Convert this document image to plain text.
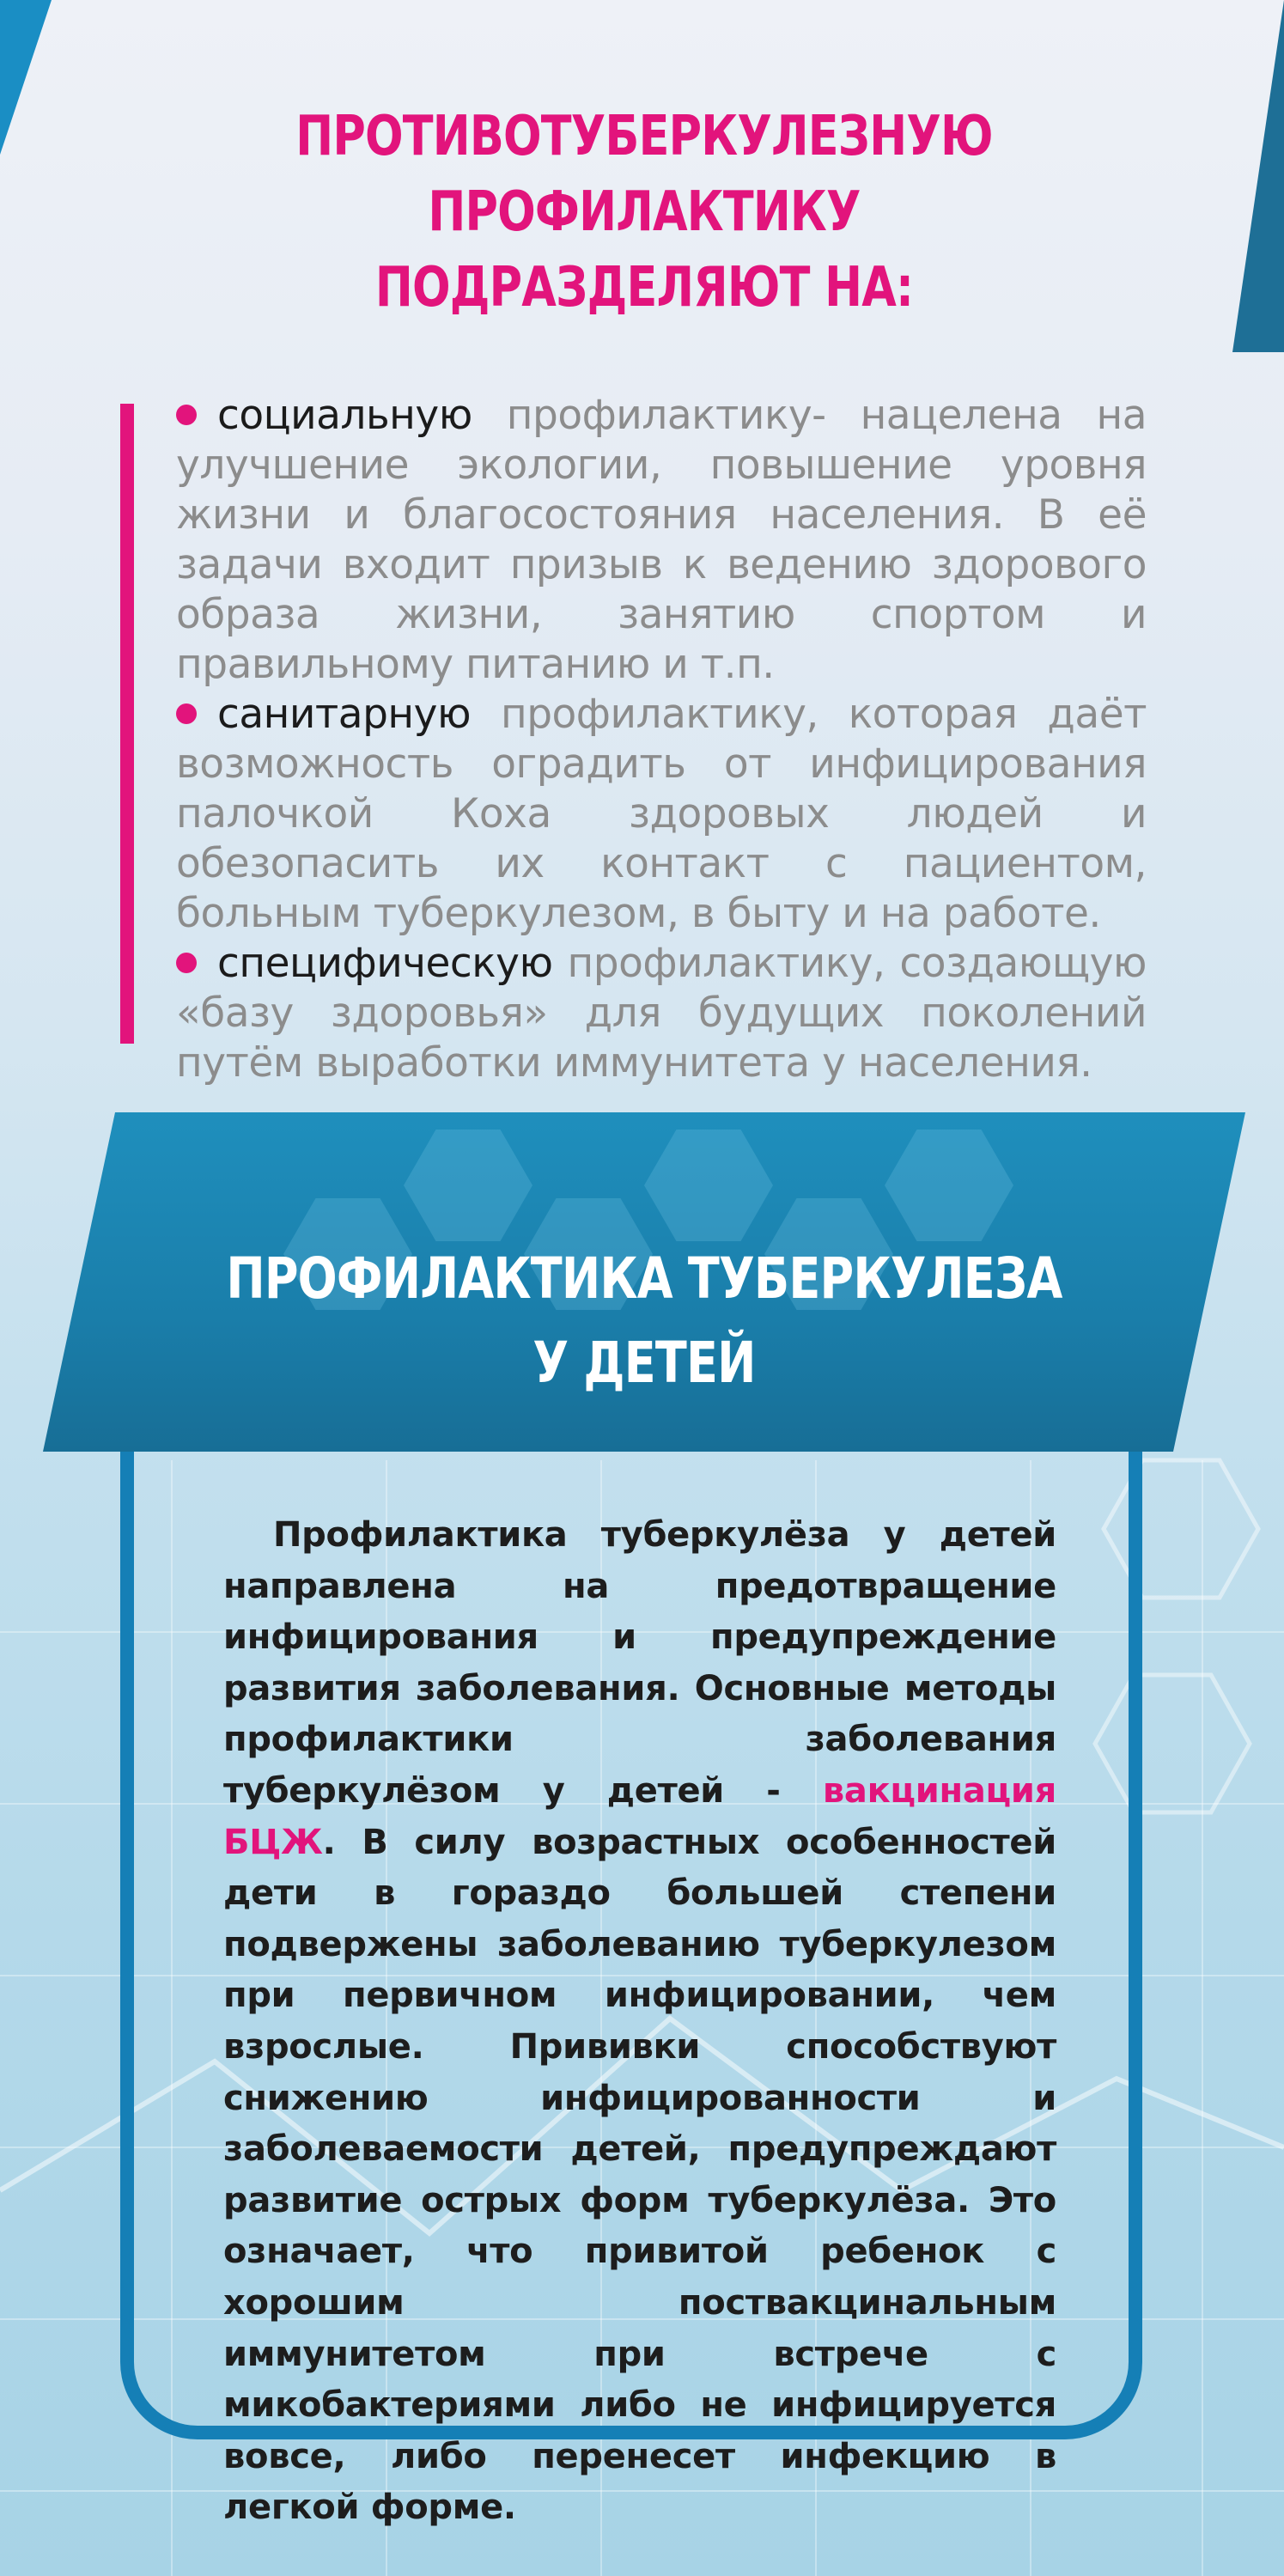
ПРОТИВОТУБЕРКУЛЕЗНУЮ
ПРОФИЛАКТИКУ
ПОДРАЗДЕЛЯЮТ НА:

социальную профилактику- нацелена на улучшение экологии, повышение уровня жизни и благосостояния населения. В её задачи входит призыв к ведению здорового образа жизни, занятию спортом и правильному питанию и т.п.

санитарную профилактику, которая даёт возможность оградить от инфицирования палочкой Коха здоровых людей и обезопасить их контакт с пациентом, больным туберкулезом, в быту и на работе.

специфическую профилактику, создающую «базу здоровья» для будущих поколений путём выработки иммунитета у населения.

ПРОФИЛАКТИКА ТУБЕРКУЛЕЗА
У ДЕТЕЙ
Профилактика туберкулёза у детей направлена на предотвращение инфицирования и предупреждение развития заболевания. Основные методы профилактики заболевания туберкулёзом у детей - вакцинация БЦЖ. В силу возрастных особенностей дети в гораздо большей степени подвержены заболеванию туберкулезом при первичном инфицировании, чем взрослые. Прививки способствуют снижению инфицированности и заболеваемости детей, предупреждают развитие острых форм туберкулёза. Это означает, что привитой ребенок с хорошим поствакцинальным иммунитетом при встрече с микобактериями либо не инфицируется вовсе, либо перенесет инфекцию в легкой форме.
